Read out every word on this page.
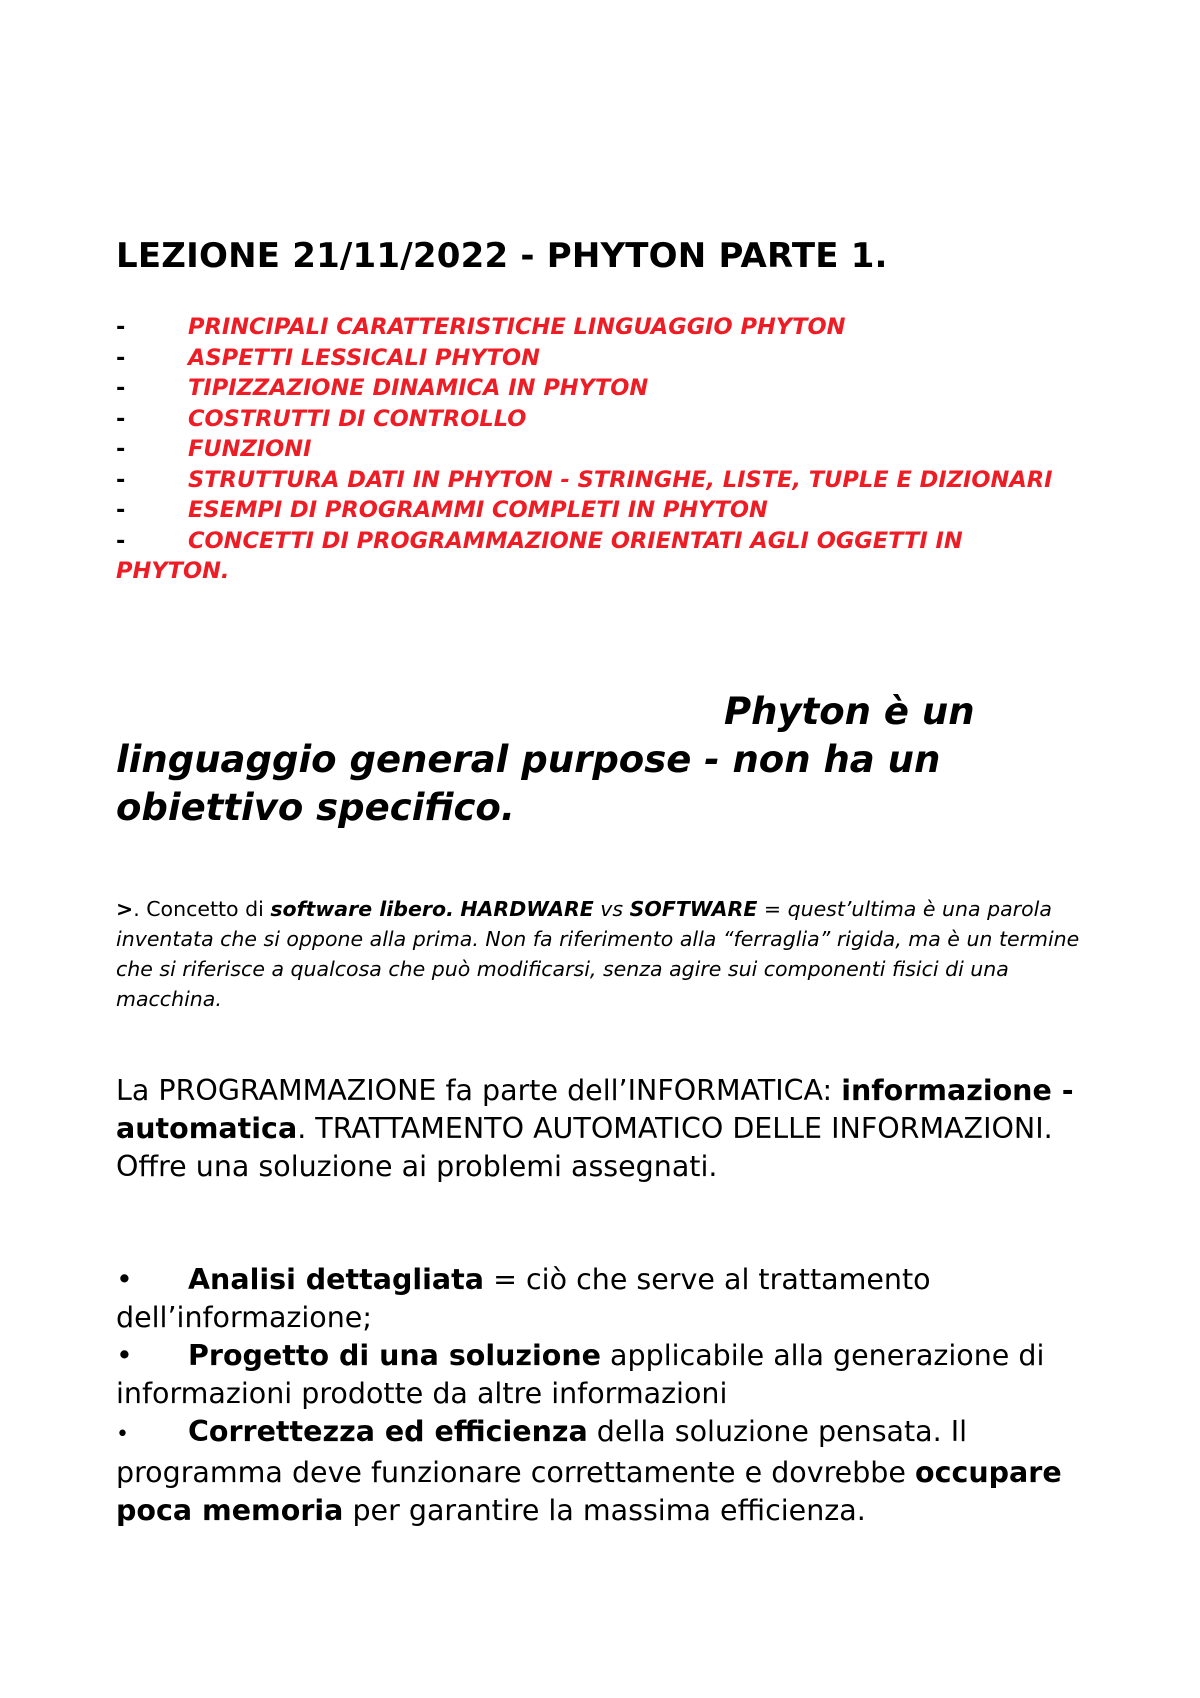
LEZIONE 21/11/2022 - PHYTON PARTE 1.
-	PRINCIPALI CARATTERISTICHE LINGUAGGIO PHYTON
-	ASPETTI LESSICALI PHYTON
-	TIPIZZAZIONE DINAMICA IN PHYTON
-	COSTRUTTI DI CONTROLLO
-	FUNZIONI
-	STRUTTURA DATI IN PHYTON - STRINGHE, LISTE, TUPLE E DIZIONARI
-	ESEMPI DI PROGRAMMI COMPLETI IN PHYTON
-	CONCETTI DI PROGRAMMAZIONE ORIENTATI AGLI OGGETTI IN PHYTON.

Phyton è un linguaggio general purpose - non ha un obiettivo specifico.

>. Concetto di software libero. HARDWARE vs SOFTWARE = quest’ultima è una parola inventata che si oppone alla prima. Non fa riferimento alla “ferraglia” rigida, ma è un termine che si riferisce a qualcosa che può modificarsi, senza agire sui componenti fisici di una macchina.

La PROGRAMMAZIONE fa parte dell’INFORMATICA: informazione - automatica. TRATTAMENTO AUTOMATICO DELLE INFORMAZIONI. Offre una soluzione ai problemi assegnati.

• Analisi dettagliata = ciò che serve al trattamento dell’informazione;
• Progetto di una soluzione applicabile alla generazione di informazioni prodotte da altre informazioni
• Correttezza ed efficienza della soluzione pensata. Il programma deve funzionare correttamente e dovrebbe occupare poca memoria per garantire la massima efficienza.
